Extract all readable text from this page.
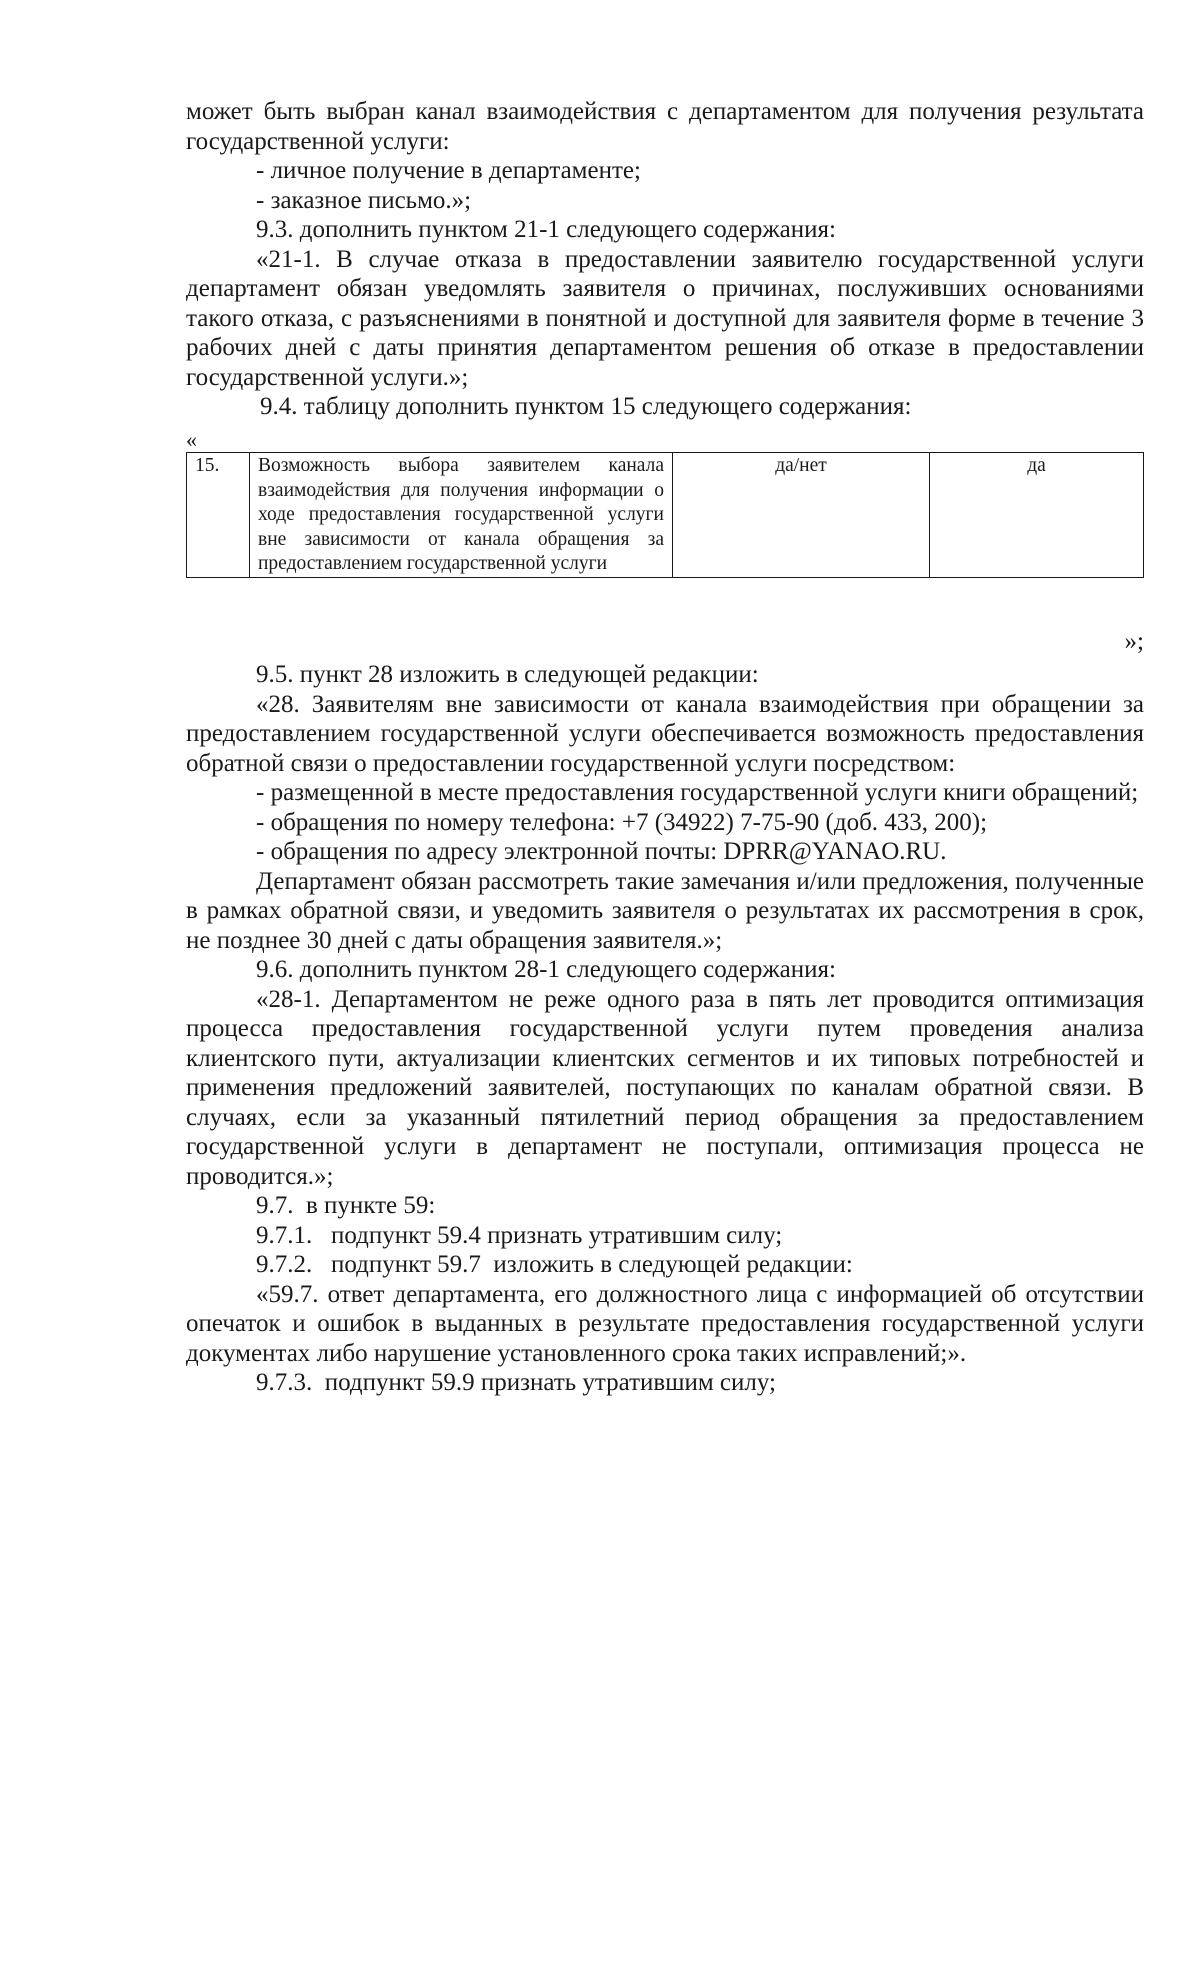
может быть выбран канал взаимодействия с департаментом для получения результата государственной услуги:

- личное получение в департаменте;

- заказное письмо.»;

9.3. дополнить пунктом 21-1 следующего содержания:

«21-1. В случае отказа в предоставлении заявителю государственной услуги департамент обязан уведомлять заявителя о причинах, послуживших основаниями такого отказа, с разъяснениями в понятной и доступной для заявителя форме в течение 3 рабочих дней с даты принятия департаментом решения об отказе в предоставлении государственной услуги.»;

9.4. таблицу дополнить пунктом 15 следующего содержания:

«
15.	Возможность выбора заявителем канала взаимодействия для получения информации о ходе предоставления государственной услуги вне зависимости от канала обращения за предоставлением государственной услуги	да/нет	да
»;

9.5. пункт 28 изложить в следующей редакции:

«28. Заявителям вне зависимости от канала взаимодействия при обращении за предоставлением государственной услуги обеспечивается возможность предоставления обратной связи о предоставлении государственной услуги посредством:

- размещенной в месте предоставления государственной услуги книги обращений;

- обращения по номеру телефона: +7 (34922) 7-75-90 (доб. 433, 200);

- обращения по адресу электронной почты: DPRR@YANAO.RU.

Департамент обязан рассмотреть такие замечания и/или предложения, полученные в рамках обратной связи, и уведомить заявителя о результатах их рассмотрения в срок, не позднее 30 дней с даты обращения заявителя.»;

9.6. дополнить пунктом 28-1 следующего содержания:

«28-1. Департаментом не реже одного раза в пять лет проводится оптимизация процесса предоставления государственной услуги путем проведения анализа клиентского пути, актуализации клиентских сегментов и их типовых потребностей и применения предложений заявителей, поступающих по каналам обратной связи. В случаях, если за указанный пятилетний период обращения за предоставлением государственной услуги в департамент не поступали, оптимизация процесса не проводится.»;

9.7.  в пункте 59:

9.7.1.   подпункт 59.4 признать утратившим силу;

9.7.2.   подпункт 59.7  изложить в следующей редакции:

«59.7. ответ департамента, его должностного лица с информацией об отсутствии опечаток и ошибок в выданных в результате предоставления государственной услуги документах либо нарушение установленного срока таких исправлений;».

9.7.3.  подпункт 59.9 признать утратившим силу;
